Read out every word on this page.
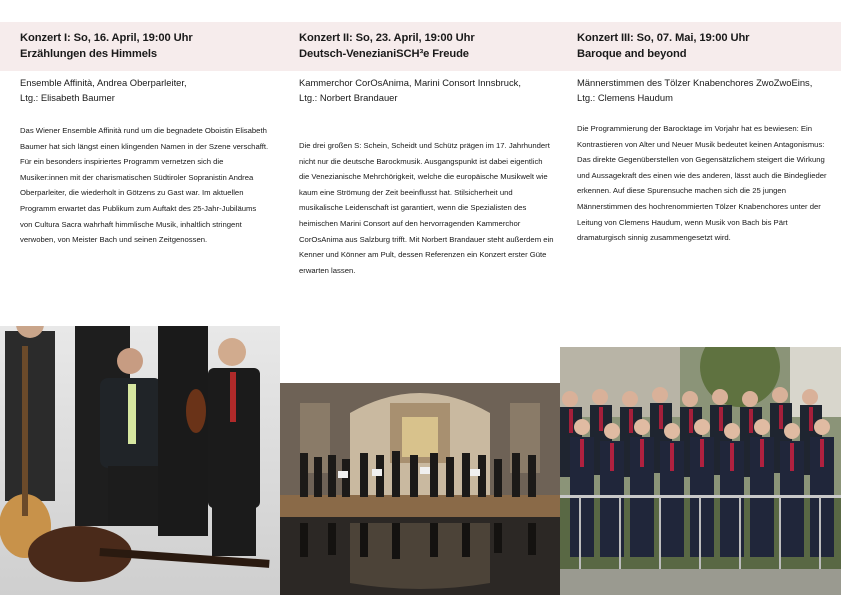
Konzert I: So, 16. April, 19:00 Uhr
Erzählungen des Himmels

Ensemble Affinità, Andrea Oberparleiter,
Ltg.: Elisabeth Baumer

Das Wiener Ensemble Affinità rund um die begnadete Oboistin Elisabeth Baumer hat sich längst einen klingenden Namen in der Szene verschafft. Für ein besonders inspiriertes Programm vernetzen sich die Musiker:innen mit der charismatischen Südtiroler Sopranistin Andrea Oberparleiter, die wiederholt in Götzens zu Gast war. Im aktuellen Programm erwartet das Publikum zum Auftakt des 25-Jahr-Jubiläums von Cultura Sacra wahrhaft himmlische Musik, inhaltlich stringent verwoben, von Meister Bach und seinen Zeitgenossen.

Konzert II: So, 23. April, 19:00 Uhr
Deutsch-VenezianiSCH³e Freude

Kammerchor CorOsAnima, Marini Consort Innsbruck,
Ltg.: Norbert Brandauer

Die drei großen S: Schein, Scheidt und Schütz prägen im 17. Jahrhundert nicht nur die deutsche Barockmusik. Ausgangspunkt ist dabei eigentlich die Venezianische Mehrchörigkeit, welche die europäische Musikwelt wie kaum eine Strömung der Zeit beeinflusst hat. Stilsicherheit und musikalische Leidenschaft ist garantiert, wenn die Spezialisten des heimischen Marini Consort auf den hervorragenden Kammerchor CorOsAnima aus Salzburg trifft. Mit Norbert Brandauer steht außerdem ein Kenner und Könner am Pult, dessen Referenzen ein Konzert erster Güte erwarten lassen.

Konzert III: So, 07. Mai, 19:00 Uhr
Baroque and beyond

Männerstimmen des Tölzer Knabenchores ZwoZwoEins,
Ltg.: Clemens Haudum

Die Programmierung der Barocktage im Vorjahr hat es bewiesen: Ein Kontrastieren von Alter und Neuer Musik bedeutet keinen Antagonismus: Das direkte Gegenüberstellen von Gegensätzlichem steigert die Wirkung und Aussagekraft des einen wie des anderen, lässt auch die Bindeglieder erkennen. Auf diese Spurensuche machen sich die 25 jungen Männerstimmen des hochrenommierten Tölzer Knabenchores unter der Leitung von Clemens Haudum, wenn Musik von Bach bis Pärt dramaturgisch sinnig zusammengesetzt wird.
